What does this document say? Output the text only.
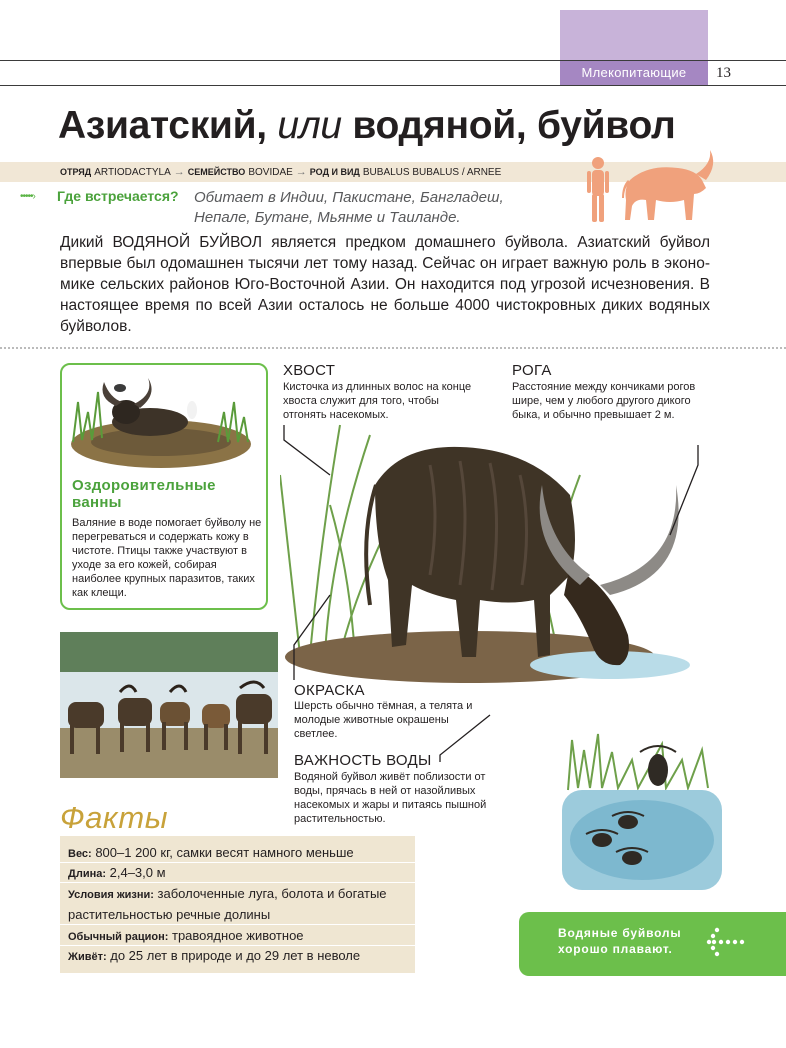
Млекопитающие	13
Азиатский, или водяной, буйвол
ОТРЯД ARTIODACTYLA → СЕМЕЙСТВО BOVIDAE → РОД И ВИД BUBALUS BUBALUS / ARNEE
•••••› Где встречается? Обитает в Индии, Пакистане, Бангладеш, Непале, Бутане, Мьянме и Таиланде.
Дикий ВОДЯНОЙ БУЙВОЛ является предком домашнего буйвола. Азиатский буйвол впервые был одомашнен тысячи лет тому назад. Сейчас он играет важную роль в экономике сельских районов Юго-Восточной Азии. Он находится под угрозой исчезновения. В настоящее время по всей Азии осталось не больше 4000 чистокровных диких водяных буйволов.
Оздоровительные ванны
Валяние в воде помогает буйволу не перегреваться и содержать кожу в чистоте. Птицы также участвуют в уходе за его кожей, собирая наиболее крупных паразитов, таких как клещи.
ХВОСТ
Кисточка из длинных волос на конце хвоста служит для того, чтобы отгонять насекомых.
РОГА
Расстояние между кончиками рогов шире, чем у любого другого дикого быка, и обычно превышает 2 м.
ОКРАСКА
Шерсть обычно тёмная, а телята и молодые животные окрашены светлее.
ВАЖНОСТЬ ВОДЫ
Водяной буйвол живёт поблизости от воды, прячась в ней от назойливых насекомых и жары и питаясь пышной растительностью.
Факты
Вес: 800–1 200 кг, самки весят намного меньше
Длина: 2,4–3,0 м
Условия жизни: заболоченные луга, болота и богатые растительностью речные долины
Обычный рацион: травоядное животное
Живёт: до 25 лет в природе и до 29 лет в неволе
Водяные буйволы хорошо плавают.
